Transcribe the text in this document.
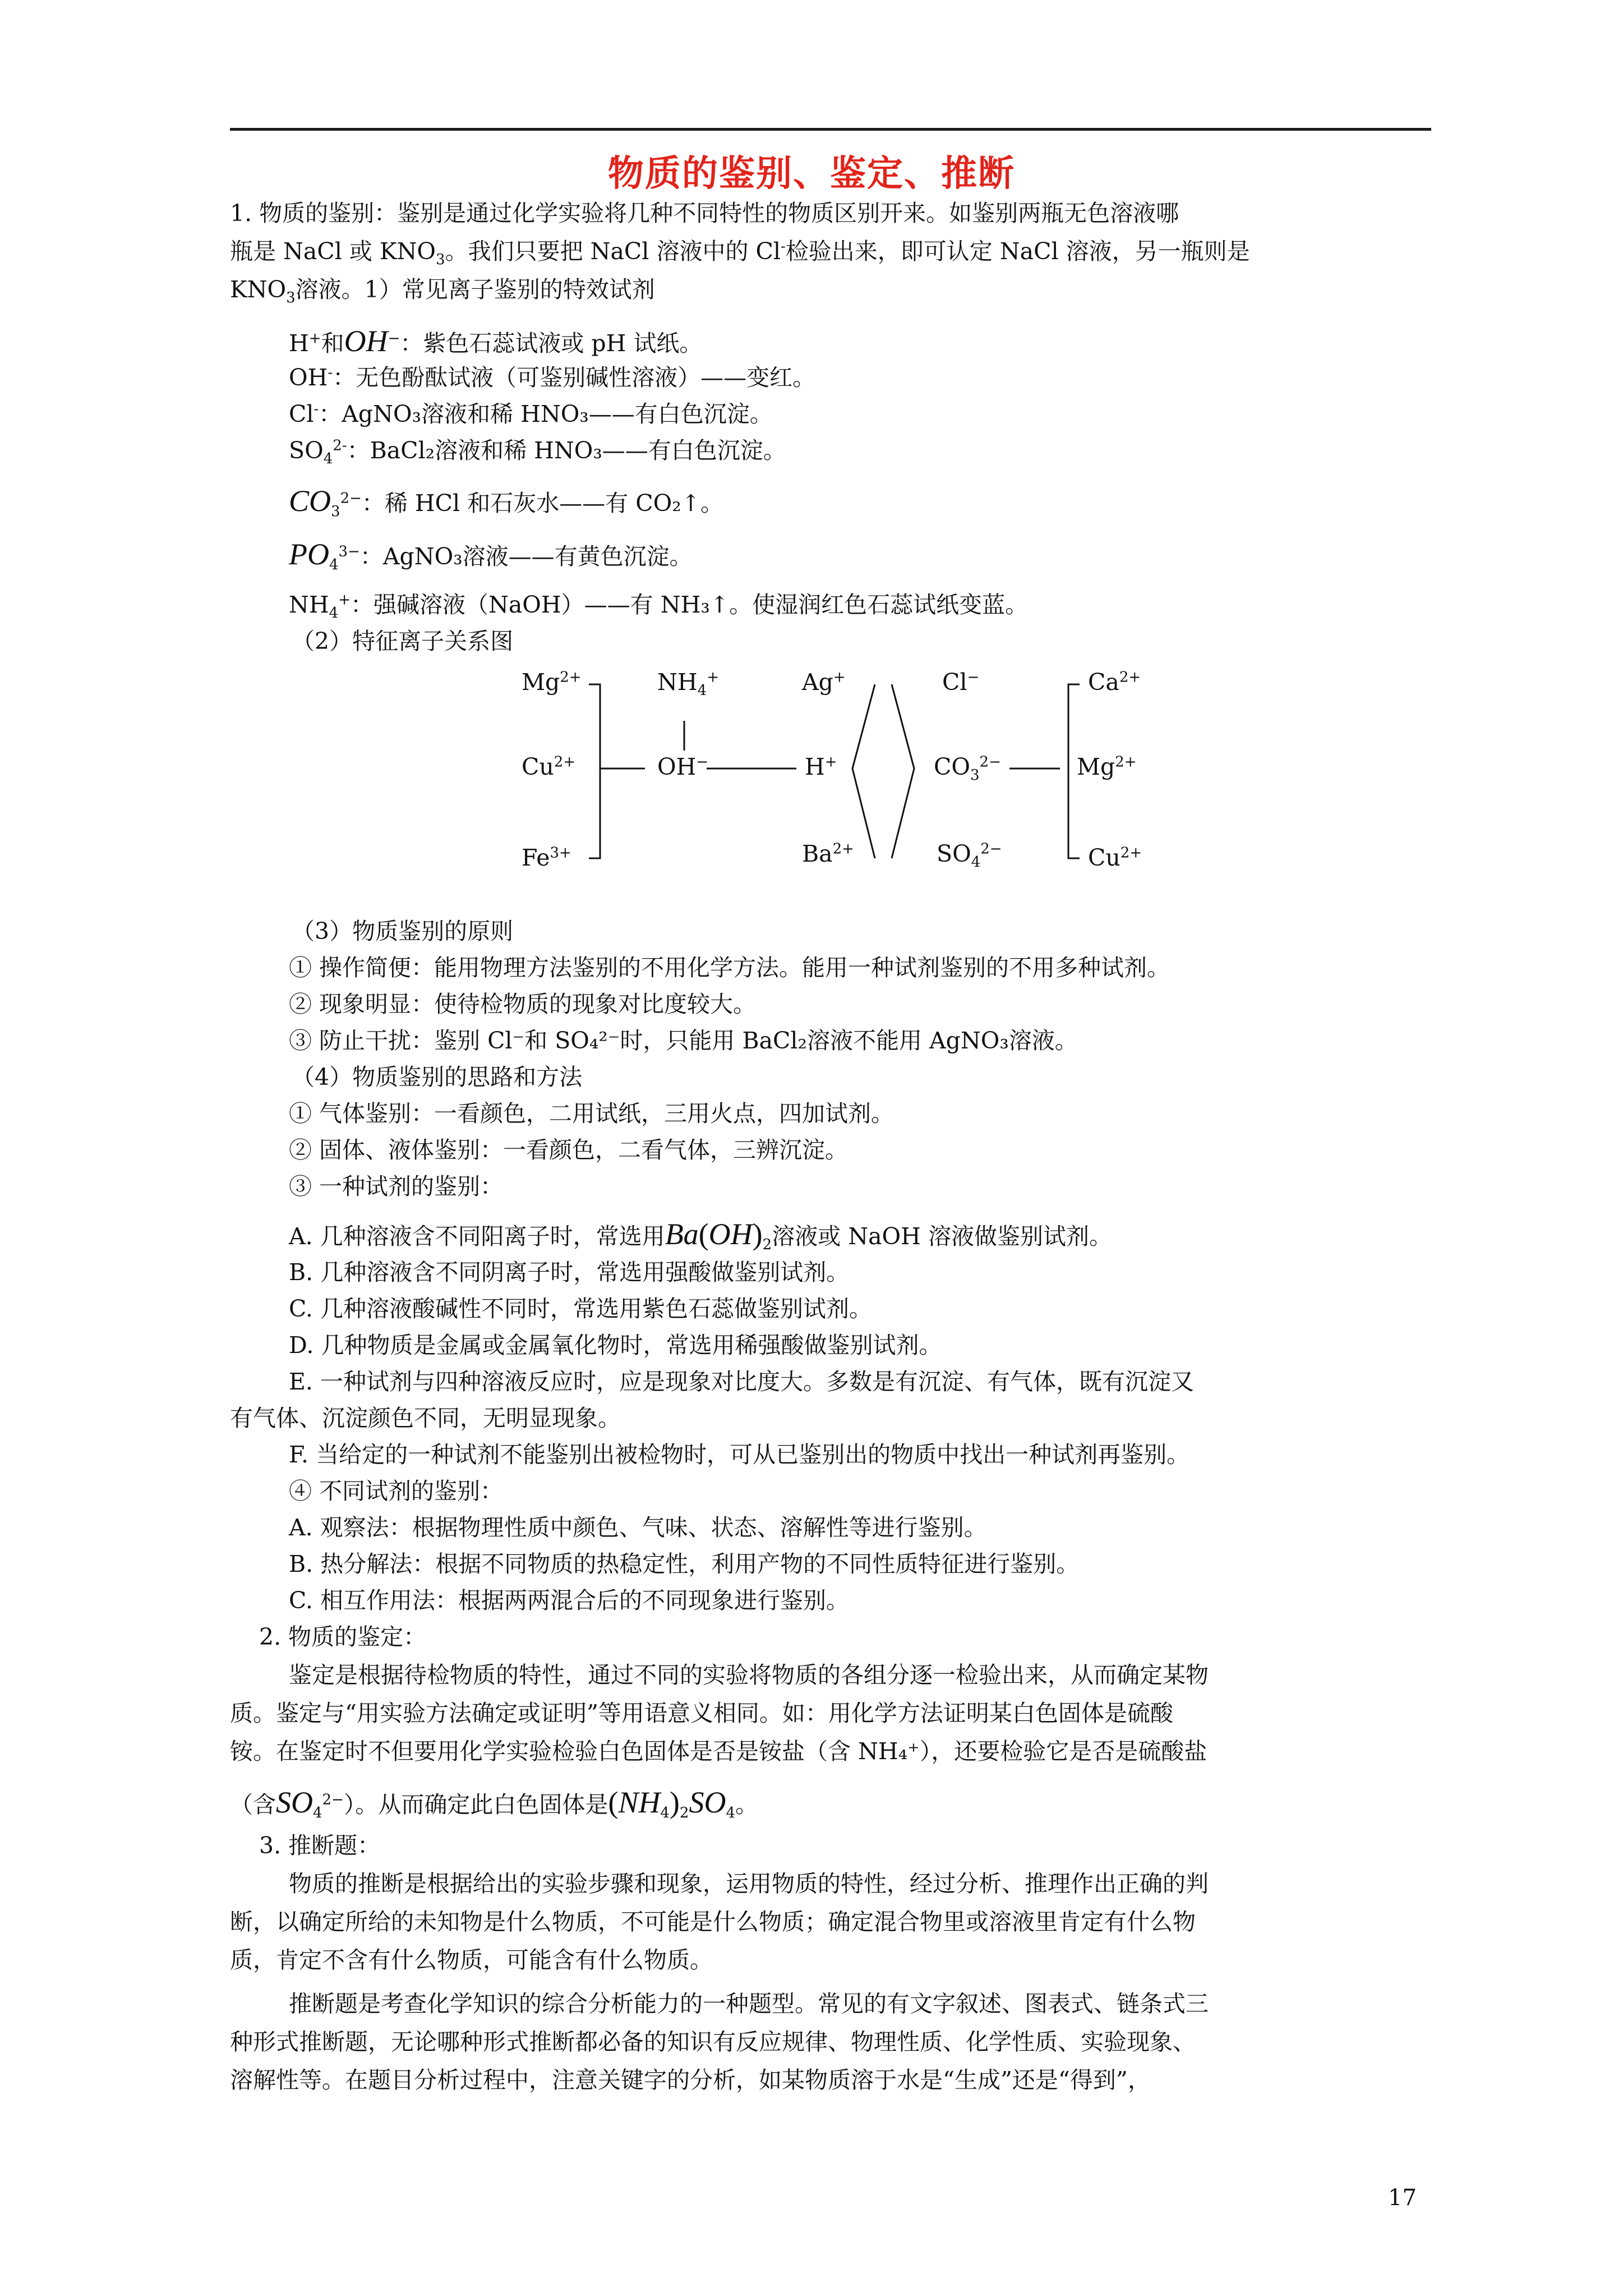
物质的鉴别、鉴定、推断
1. 物质的鉴别：鉴别是通过化学实验将几种不同特性的物质区别开来。如鉴别两瓶无色溶液哪
瓶是 NaCl 或 $KNO_3$。我们只要把 NaCl 溶液中的 Cl-检验出来，即可认定 NaCl 溶液，另一瓶则是
$KNO_3$溶液。1）常见离子鉴别的特效试剂
H+和OH−：紫色石蕊试液或 pH 试纸。
OH-：无色酚酞试液（可鉴别碱性溶液）——变红。
Cl-：AgNO₃溶液和稀 HNO₃——有白色沉淀。
$SO_4^{2-}$：BaCl₂溶液和稀 HNO₃——有白色沉淀。
$CO_3^{2-}$：稀 HCl 和石灰水——有 CO₂↑。
$PO_4^{3-}$：AgNO₃溶液——有黄色沉淀。
$NH_4^+$：强碱溶液（NaOH）——有 NH₃↑。使湿润红色石蕊试纸变蓝。
（2）特征离子关系图
$Mg^{2+}$
$Cu^{2+}$
$Fe^{3+}$
$NH_4^+$
OH−
Ag+
H+
$Ba^{2+}$
Cl−
$CO_3^{2-}$
$SO_4^{2-}$
$Ca^{2+}$
$Mg^{2+}$
$Cu^{2+}$
（3）物质鉴别的原则
① 操作简便：能用物理方法鉴别的不用化学方法。能用一种试剂鉴别的不用多种试剂。
② 现象明显：使待检物质的现象对比度较大。
③ 防止干扰：鉴别 Cl⁻和 SO₄²⁻时，只能用 BaCl₂溶液不能用 AgNO₃溶液。
（4）物质鉴别的思路和方法
① 气体鉴别：一看颜色，二用试纸，三用火点，四加试剂。
② 固体、液体鉴别：一看颜色，二看气体，三辨沉淀。
③ 一种试剂的鉴别：
A. 几种溶液含不同阳离子时，常选用$Ba(OH)_2$溶液或 NaOH 溶液做鉴别试剂。
B. 几种溶液含不同阴离子时，常选用强酸做鉴别试剂。
C. 几种溶液酸碱性不同时，常选用紫色石蕊做鉴别试剂。
D. 几种物质是金属或金属氧化物时，常选用稀强酸做鉴别试剂。
E. 一种试剂与四种溶液反应时，应是现象对比度大。多数是有沉淀、有气体，既有沉淀又
有气体、沉淀颜色不同，无明显现象。
F. 当给定的一种试剂不能鉴别出被检物时，可从已鉴别出的物质中找出一种试剂再鉴别。
④ 不同试剂的鉴别：
A. 观察法：根据物理性质中颜色、气味、状态、溶解性等进行鉴别。
B. 热分解法：根据不同物质的热稳定性，利用产物的不同性质特征进行鉴别。
C. 相互作用法：根据两两混合后的不同现象进行鉴别。
2. 物质的鉴定：
鉴定是根据待检物质的特性，通过不同的实验将物质的各组分逐一检验出来，从而确定某物
质。鉴定与“用实验方法确定或证明”等用语意义相同。如：用化学方法证明某白色固体是硫酸
铵。在鉴定时不但要用化学实验检验白色固体是否是铵盐（含 NH₄⁺），还要检验它是否是硫酸盐
（含$SO_4^{2-}$）。从而确定此白色固体是$(NH_4)_2SO_4$。
3. 推断题：
物质的推断是根据给出的实验步骤和现象，运用物质的特性，经过分析、推理作出正确的判
断，以确定所给的未知物是什么物质，不可能是什么物质；确定混合物里或溶液里肯定有什么物
质，肯定不含有什么物质，可能含有什么物质。
推断题是考查化学知识的综合分析能力的一种题型。常见的有文字叙述、图表式、链条式三
种形式推断题，无论哪种形式推断都必备的知识有反应规律、物理性质、化学性质、实验现象、
溶解性等。在题目分析过程中，注意关键字的分析，如某物质溶于水是“生成”还是“得到”，
17
